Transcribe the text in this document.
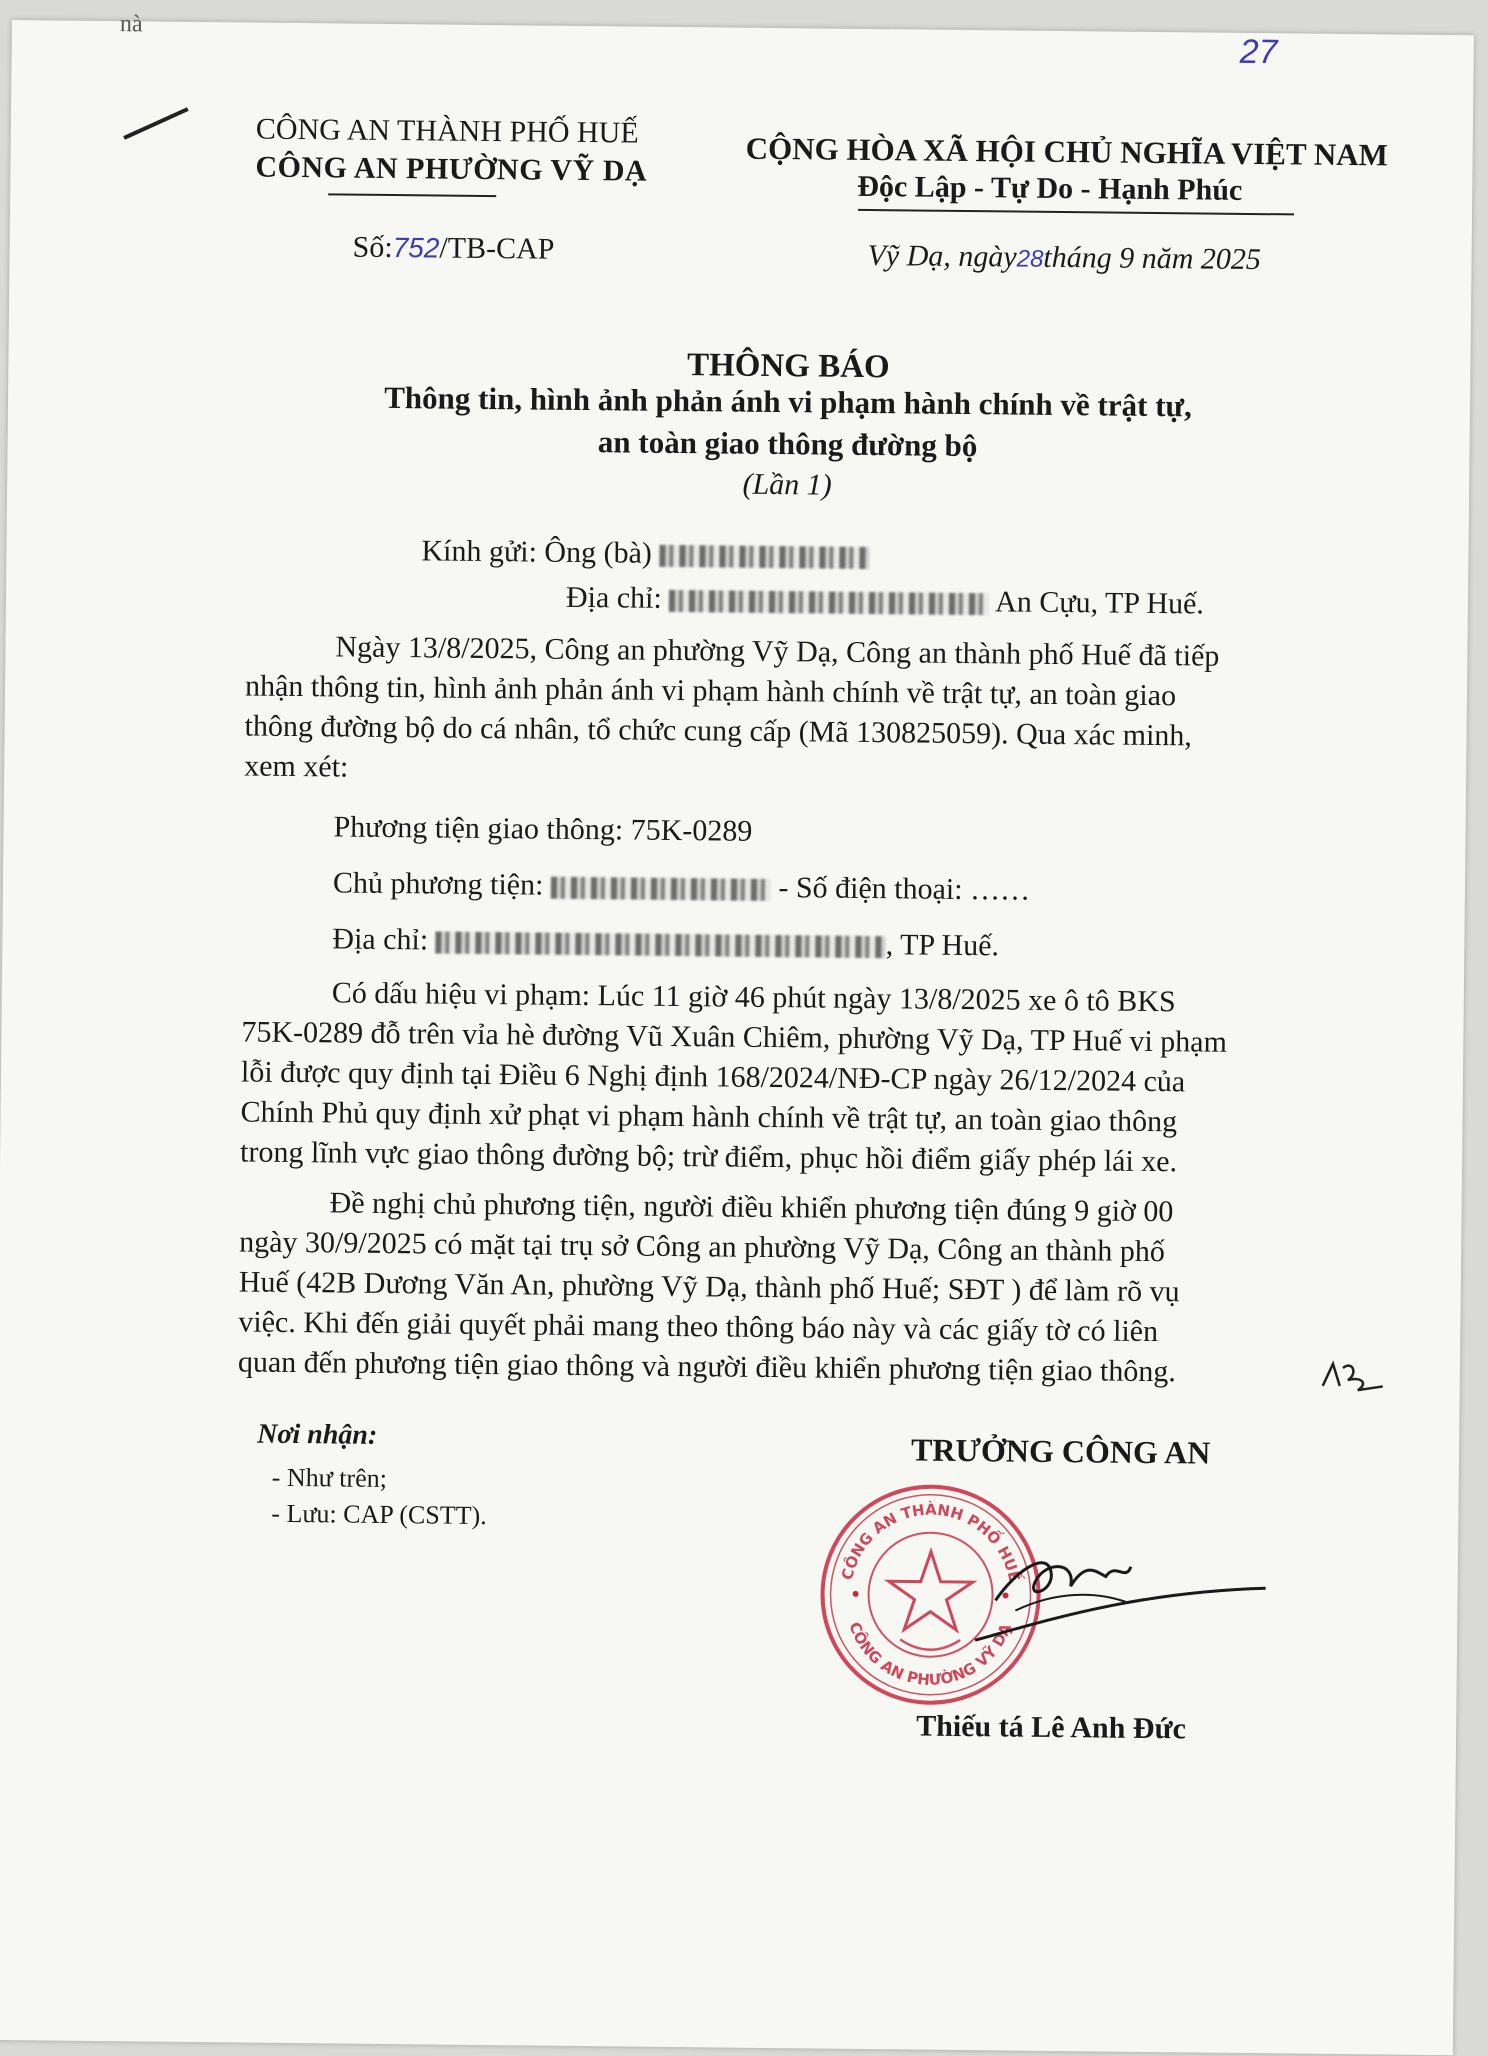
nà
27
CÔNG AN THÀNH PHỐ HUẾ
CÔNG AN PHƯỜNG VỸ DẠ	CỘNG HÒA XÃ HỘI CHỦ NGHĨA VIỆT NAM
Độc Lập - Tự Do - Hạnh Phúc
Số:752/TB-CAP	Vỹ Dạ, ngày28tháng 9 năm 2025
THÔNG BÁO
Thông tin, hình ảnh phản ánh vi phạm hành chính về trật tự,
an toàn giao thông đường bộ
(Lần 1)
Kính gửi: Ông (bà)
Địa chỉ:	An Cựu, TP Huế.
Ngày 13/8/2025, Công an phường Vỹ Dạ, Công an thành phố Huế đã tiếp
nhận thông tin, hình ảnh phản ánh vi phạm hành chính về trật tự, an toàn giao
thông đường bộ do cá nhân, tổ chức cung cấp (Mã 130825059). Qua xác minh,
xem xét:
Phương tiện giao thông: 75K-0289
Chủ phương tiện:	- Số điện thoại: ……
Địa chỉ:	, TP Huế.
Có dấu hiệu vi phạm: Lúc 11 giờ 46 phút ngày 13/8/2025 xe ô tô BKS
75K-0289 đỗ trên vỉa hè đường Vũ Xuân Chiêm, phường Vỹ Dạ, TP Huế vi phạm
lỗi được quy định tại Điều 6 Nghị định 168/2024/NĐ-CP ngày 26/12/2024 của
Chính Phủ quy định xử phạt vi phạm hành chính về trật tự, an toàn giao thông
trong lĩnh vực giao thông đường bộ; trừ điểm, phục hồi điểm giấy phép lái xe.
Đề nghị chủ phương tiện, người điều khiển phương tiện đúng 9 giờ 00
ngày 30/9/2025 có mặt tại trụ sở Công an phường Vỹ Dạ, Công an thành phố
Huế (42B Dương Văn An, phường Vỹ Dạ, thành phố Huế; SĐT ) để làm rõ vụ
việc. Khi đến giải quyết phải mang theo thông báo này và các giấy tờ có liên
quan đến phương tiện giao thông và người điều khiển phương tiện giao thông.
Nơi nhận:
- Như trên;
- Lưu: CAP (CSTT).
TRƯỞNG CÔNG AN
CÔNG AN THÀNH PHỐ HUẾ
CÔNG AN PHƯỜNG VỸ DẠ
Thiếu tá Lê Anh Đức
